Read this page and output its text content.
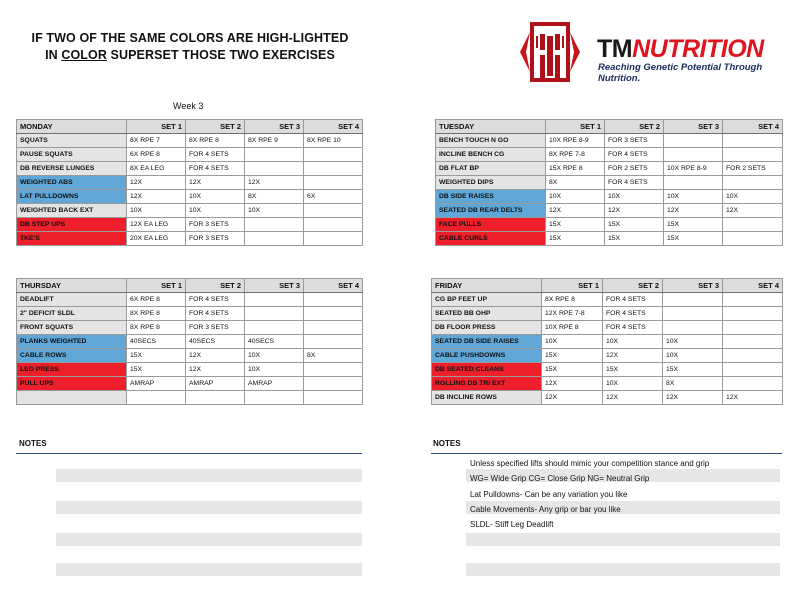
IF TWO OF THE SAME COLORS ARE HIGH-LIGHTED
IN COLOR SUPERSET THOSE TWO EXERCISES	TMNUTRITION
Reaching Genetic Potential Through Nutrition.
Week 3
MONDAY	SET 1	SET 2	SET 3	SET 4
SQUATS	8X RPE 7	8X RPE 8	8X RPE 9	8X RPE 10
PAUSE SQUATS	6X RPE 8	FOR 4 SETS		
DB REVERSE LUNGES	8X EA LEG	FOR 4 SETS		
WEIGHTED ABS	12X	12X	12X	
LAT PULLDOWNS	12X	10X	8X	6X
WEIGHTED BACK EXT	10X	10X	10X	
DB STEP UPS	12X EA LEG	FOR 3 SETS		
TKE'S	20X EA LEG	FOR 3 SETS		
TUESDAY	SET 1	SET 2	SET 3	SET 4
BENCH TOUCH N GO	10X RPE 8-9	FOR 3 SETS		
INCLINE BENCH CG	8X RPE 7-8	FOR 4 SETS		
DB FLAT BP	15X RPE 8	FOR 2 SETS	10X RPE 8-9	FOR 2 SETS
WEIGHTED DIPS	8X	FOR 4 SETS		
DB SIDE RAISES	10X	10X	10X	10X
SEATED DB REAR DELTS	12X	12X	12X	12X
FACE PULLS	15X	15X	15X	
CABLE CURLS	15X	15X	15X	
THURSDAY	SET 1	SET 2	SET 3	SET 4
DEADLIFT	6X RPE 8	FOR 4 SETS		
2" DEFICIT SLDL	8X RPE 8	FOR 4 SETS		
FRONT SQUATS	8X RPE 8	FOR 3 SETS		
PLANKS WEIGHTED	40SECS	40SECS	40SECS	
CABLE ROWS	15X	12X	10X	8X
LEG PRESS	15X	12X	10X	
PULL UPS	AMRAP	AMRAP	AMRAP	

FRIDAY	SET 1	SET 2	SET 3	SET 4
CG BP FEET UP	8X RPE 8	FOR 4 SETS		
SEATED BB OHP	12X RPE 7-8	FOR 4 SETS		
DB FLOOR PRESS	10X RPE 8	FOR 4 SETS		
SEATED DB SIDE RAISES	10X	10X	10X	
CABLE PUSHDOWNS	15X	12X	10X	
DB SEATED CLEANS	15X	15X	15X	
ROLLING DB TRI EXT	12X	10X	8X	
DB INCLINE ROWS	12X	12X	12X	12X
NOTES	NOTES
Unless specified lifts should mimic your competition stance and grip
WG= Wide Grip CG= Close Grip NG= Neutral Grip
Lat Pulldowns- Can be any variation you like
Cable Movements- Any grip or bar you like
SLDL- Stiff Leg Deadlift
